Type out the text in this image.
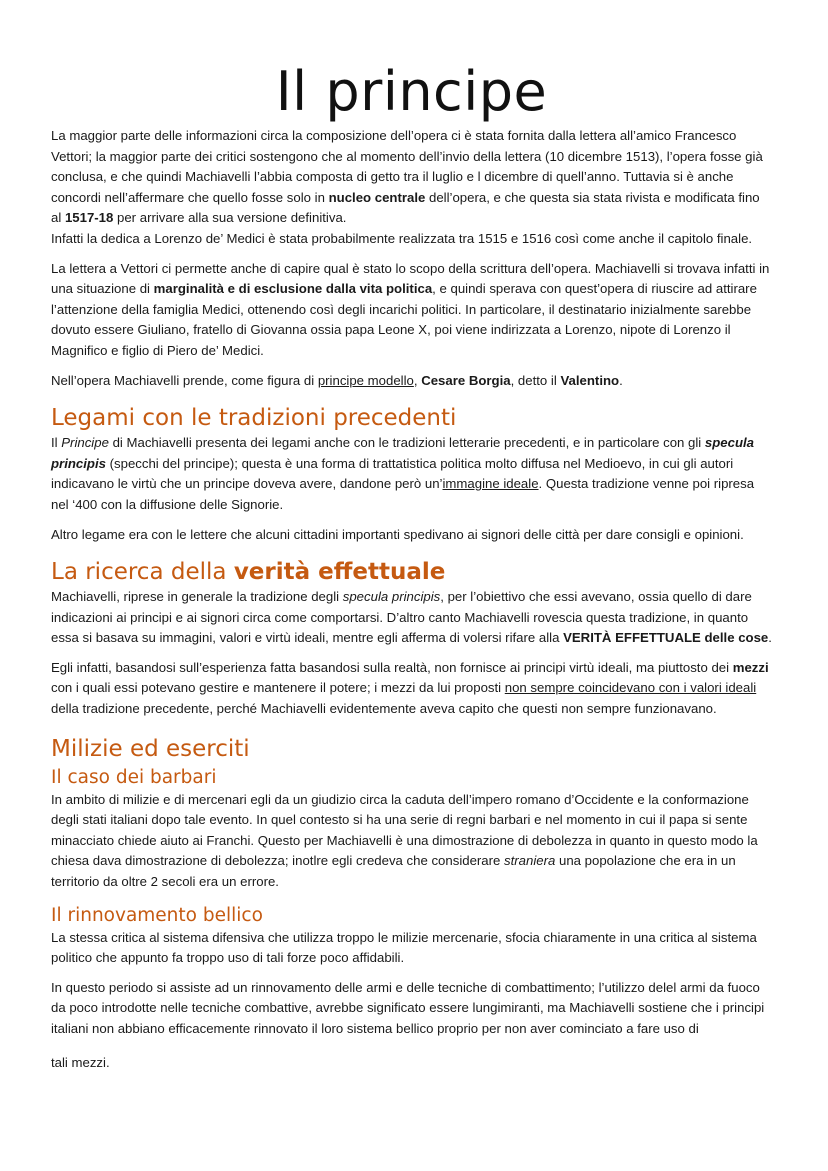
Il principe

La maggior parte delle informazioni circa la composizione dell’opera ci è stata fornita dalla lettera all’amico Francesco Vettori; la maggior parte dei critici sostengono che al momento dell’invio della lettera (10 dicembre 1513), l’opera fosse già conclusa, e che quindi Machiavelli l’abbia composta di getto tra il luglio e l dicembre di quell’anno. Tuttavia si è anche concordi nell’affermare che quello fosse solo in nucleo centrale dell’opera, e che questa sia stata rivista e modificata fino al 1517-18 per arrivare alla sua versione definitiva.
Infatti la dedica a Lorenzo de’ Medici è stata probabilmente realizzata tra 1515 e 1516 così come anche il capitolo finale.

La lettera a Vettori ci permette anche di capire qual è stato lo scopo della scrittura dell’opera. Machiavelli si trovava infatti in una situazione di marginalità e di esclusione dalla vita politica, e quindi sperava con quest’opera di riuscire ad attirare l’attenzione della famiglia Medici, ottenendo così degli incarichi politici. In particolare, il destinatario inizialmente sarebbe dovuto essere Giuliano, fratello di Giovanna ossia papa Leone X, poi viene indirizzata a Lorenzo, nipote di Lorenzo il Magnifico e figlio di Piero de’ Medici.

Nell’opera Machiavelli prende, come figura di principe modello, Cesare Borgia, detto il Valentino.

Legami con le tradizioni precedenti

Il Principe di Machiavelli presenta dei legami anche con le tradizioni letterarie precedenti, e in particolare con gli specula principis (specchi del principe); questa è una forma di trattatistica politica molto diffusa nel Medioevo, in cui gli autori indicavano le virtù che un principe doveva avere, dandone però un’immagine ideale. Questa tradizione venne poi ripresa nel ‘400 con la diffusione delle Signorie.

Altro legame era con le lettere che alcuni cittadini importanti spedivano ai signori delle città per dare consigli e opinioni.

La ricerca della verità effettuale

Machiavelli, riprese in generale la tradizione degli specula principis, per l’obiettivo che essi avevano, ossia quello di dare indicazioni ai principi e ai signori circa come comportarsi. D’altro canto Machiavelli rovescia questa tradizione, in quanto essa si basava su immagini, valori e virtù ideali, mentre egli afferma di volersi rifare alla VERITÀ EFFETTUALE delle cose.

Egli infatti, basandosi sull’esperienza fatta basandosi sulla realtà, non fornisce ai principi virtù ideali, ma piuttosto dei mezzi con i quali essi potevano gestire e mantenere il potere; i mezzi da lui proposti non sempre coincidevano con i valori ideali della tradizione precedente, perché Machiavelli evidentemente aveva capito che questi non sempre funzionavano.

Milizie ed eserciti
Il caso dei barbari

In ambito di milizie e di mercenari egli da un giudizio circa la caduta dell’impero romano d’Occidente e la conformazione degli stati italiani dopo tale evento. In quel contesto si ha una serie di regni barbari e nel momento in cui il papa si sente minacciato chiede aiuto ai Franchi. Questo per Machiavelli è una dimostrazione di debolezza in quanto in questo modo la chiesa dava dimostrazione di debolezza; inotlre egli credeva che considerare straniera una popolazione che era in un territorio da oltre 2 secoli era un errore.

Il rinnovamento bellico

La stessa critica al sistema difensiva che utilizza troppo le milizie mercenarie, sfocia chiaramente in una critica al sistema politico che appunto fa troppo uso di tali forze poco affidabili.

In questo periodo si assiste ad un rinnovamento delle armi e delle tecniche di combattimento; l’utilizzo delel armi da fuoco da poco introdotte nelle tecniche combattive, avrebbe significato essere lungimiranti, ma Machiavelli sostiene che i principi italiani non abbiano efficacemente rinnovato il loro sistema bellico proprio per non aver cominciato a fare uso di

tali mezzi.
